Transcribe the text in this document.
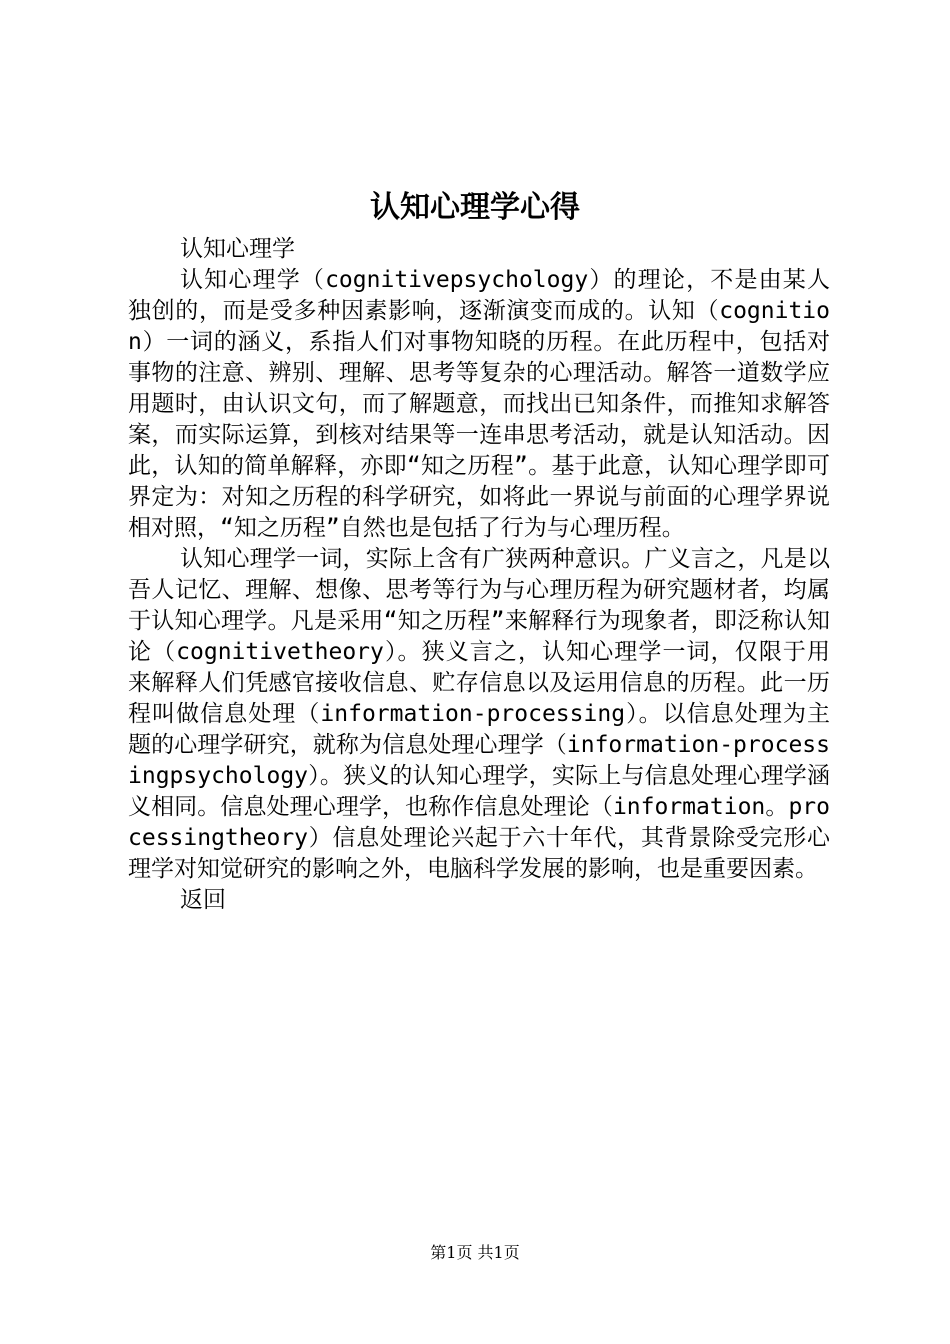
认知心理学心得

认知心理学

认知心理学（cognitivepsychology）的理论，不是由某人独创的，而是受多种因素影响，逐渐演变而成的。认知（cognition）一词的涵义，系指人们对事物知晓的历程。在此历程中，包括对事物的注意、辨别、理解、思考等复杂的心理活动。解答一道数学应用题时，由认识文句，而了解题意，而找出已知条件，而推知求解答案，而实际运算，到核对结果等一连串思考活动，就是认知活动。因此，认知的简单解释，亦即“知之历程”。基于此意，认知心理学即可界定为：对知之历程的科学研究，如将此一界说与前面的心理学界说相对照，“知之历程”自然也是包括了行为与心理历程。

认知心理学一词，实际上含有广狭两种意识。广义言之，凡是以吾人记忆、理解、想像、思考等行为与心理历程为研究题材者，均属于认知心理学。凡是采用“知之历程”来解释行为现象者，即泛称认知论（cognitivetheory）。狭义言之，认知心理学一词，仅限于用来解释人们凭感官接收信息、贮存信息以及运用信息的历程。此一历程叫做信息处理（information-processing）。以信息处理为主题的心理学研究，就称为信息处理心理学（information-processingpsychology）。狭义的认知心理学，实际上与信息处理心理学涵义相同。信息处理心理学，也称作信息处理论（information。processingtheory）信息处理论兴起于六十年代，其背景除受完形心理学对知觉研究的影响之外，电脑科学发展的影响，也是重要因素。

返回

第1页 共1页
